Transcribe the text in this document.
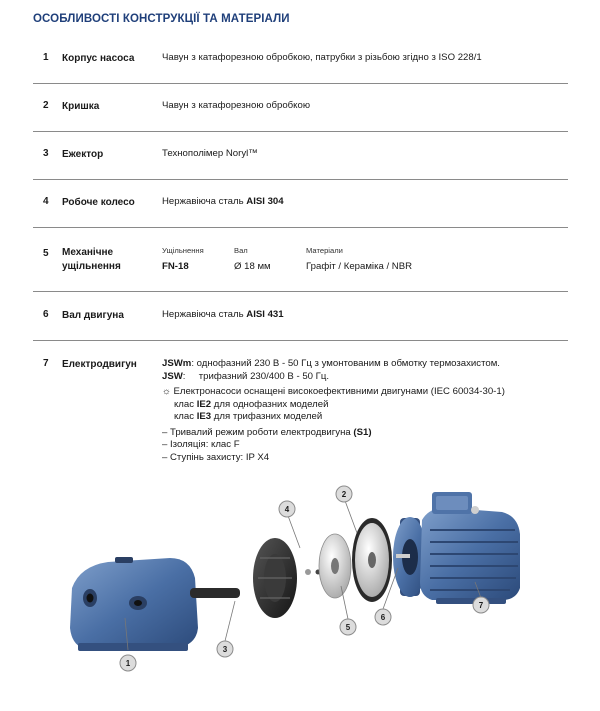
ОСОБЛИВОСТІ КОНСТРУКЦІЇ ТА МАТЕРІАЛИ
1 Корпус насоса	Чавун з катафорезною обробкою, патрубки з різьбою згідно з ISO 228/1
2 Кришка	Чавун з катафорезною обробкою
3 Ежектор	Технополімер Noryl™
4 Робоче колесо	Нержавіюча сталь AISI 304
5 Механічне
ущільнення
Ущільнення	Вал	Матеріали
FN-18	Ø 18 мм	Графіт / Кераміка / NBR
6 Вал двигуна	Нержавіюча сталь AISI 431
7 Електродвигун	JSWm: однофазний 230 В - 50 Гц з умонтованим в обмотку термозахистом.
JSW:     трифазний 230/400 В - 50 Гц.
☼ Електронасоси оснащені високоефективними двигунами (IEC 60034-30-1)
клас IE2 для однофазних моделей
клас IE3 для трифазних моделей
– Тривалий режим роботи електродвигуна (S1)
– Ізоляція: клас F
– Ступінь захисту: IP X4
1
2
3
4
5
6
7
